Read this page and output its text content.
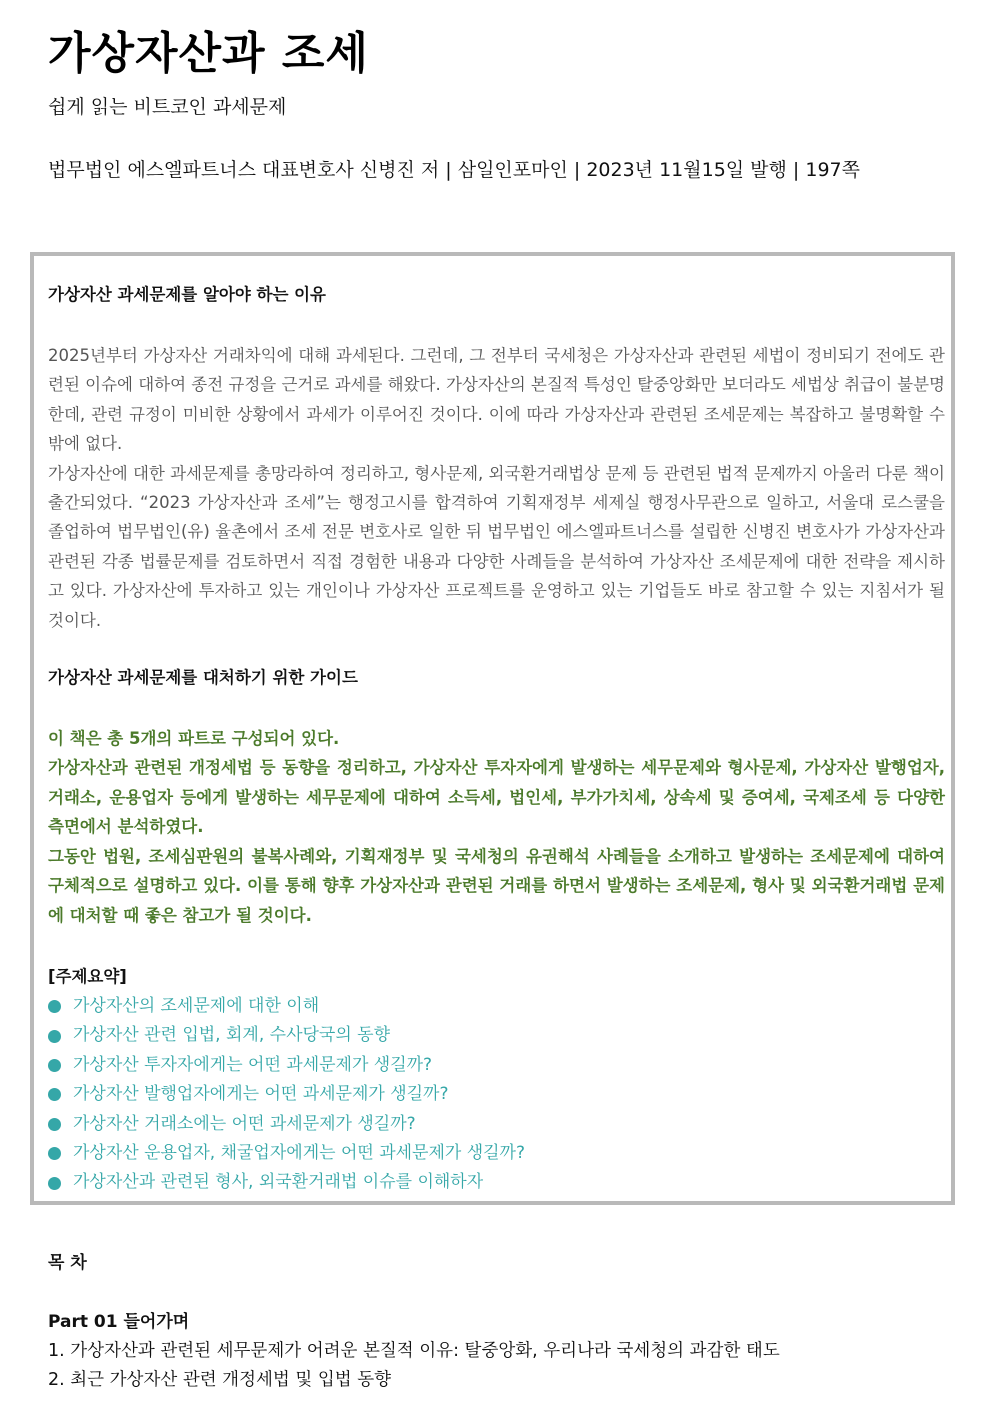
가상자산과 조세
쉽게 읽는 비트코인 과세문제
법무법인 에스엘파트너스 대표변호사 신병진 저 | 삼일인포마인 | 2023년 11월15일 발행 | 197쪽

가상자산 과세문제를 알아야 하는 이유

2025년부터 가상자산 거래차익에 대해 과세된다. 그런데, 그 전부터 국세청은 가상자산과 관련된 세법이 정비되기 전에도 관련된 이슈에 대하여 종전 규정을 근거로 과세를 해왔다. 가상자산의 본질적 특성인 탈중앙화만 보더라도 세법상 취급이 불분명한데, 관련 규정이 미비한 상황에서 과세가 이루어진 것이다. 이에 따라 가상자산과 관련된 조세문제는 복잡하고 불명확할 수밖에 없다.

가상자산에 대한 과세문제를 총망라하여 정리하고, 형사문제, 외국환거래법상 문제 등 관련된 법적 문제까지 아울러 다룬 책이 출간되었다. “2023 가상자산과 조세”는 행정고시를 합격하여 기획재정부 세제실 행정사무관으로 일하고, 서울대 로스쿨을 졸업하여 법무법인(유) 율촌에서 조세 전문 변호사로 일한 뒤 법무법인 에스엘파트너스를 설립한 신병진 변호사가 가상자산과 관련된 각종 법률문제를 검토하면서 직접 경험한 내용과 다양한 사례들을 분석하여 가상자산 조세문제에 대한 전략을 제시하고 있다. 가상자산에 투자하고 있는 개인이나 가상자산 프로젝트를 운영하고 있는 기업들도 바로 참고할 수 있는 지침서가 될 것이다.

가상자산 과세문제를 대처하기 위한 가이드

이 책은 총 5개의 파트로 구성되어 있다.

가상자산과 관련된 개정세법 등 동향을 정리하고, 가상자산 투자자에게 발생하는 세무문제와 형사문제, 가상자산 발행업자, 거래소, 운용업자 등에게 발생하는 세무문제에 대하여 소득세, 법인세, 부가가치세, 상속세 및 증여세, 국제조세 등 다양한 측면에서 분석하였다.

그동안 법원, 조세심판원의 불복사례와, 기획재정부 및 국세청의 유권해석 사례들을 소개하고 발생하는 조세문제에 대하여 구체적으로 설명하고 있다. 이를 통해 향후 가상자산과 관련된 거래를 하면서 발생하는 조세문제, 형사 및 외국환거래법 문제에 대처할 때 좋은 참고가 될 것이다.

[주제요약]

가상자산의 조세문제에 대한 이해
가상자산 관련 입법, 회계, 수사당국의 동향
가상자산 투자자에게는 어떤 과세문제가 생길까?
가상자산 발행업자에게는 어떤 과세문제가 생길까?
가상자산 거래소에는 어떤 과세문제가 생길까?
가상자산 운용업자, 채굴업자에게는 어떤 과세문제가 생길까?
가상자산과 관련된 형사, 외국환거래법 이슈를 이해하자
목 차
Part 01 들어가며
1. 가상자산과 관련된 세무문제가 어려운 본질적 이유: 탈중앙화, 우리나라 국세청의 과감한 태도
2. 최근 가상자산 관련 개정세법 및 입법 동향
